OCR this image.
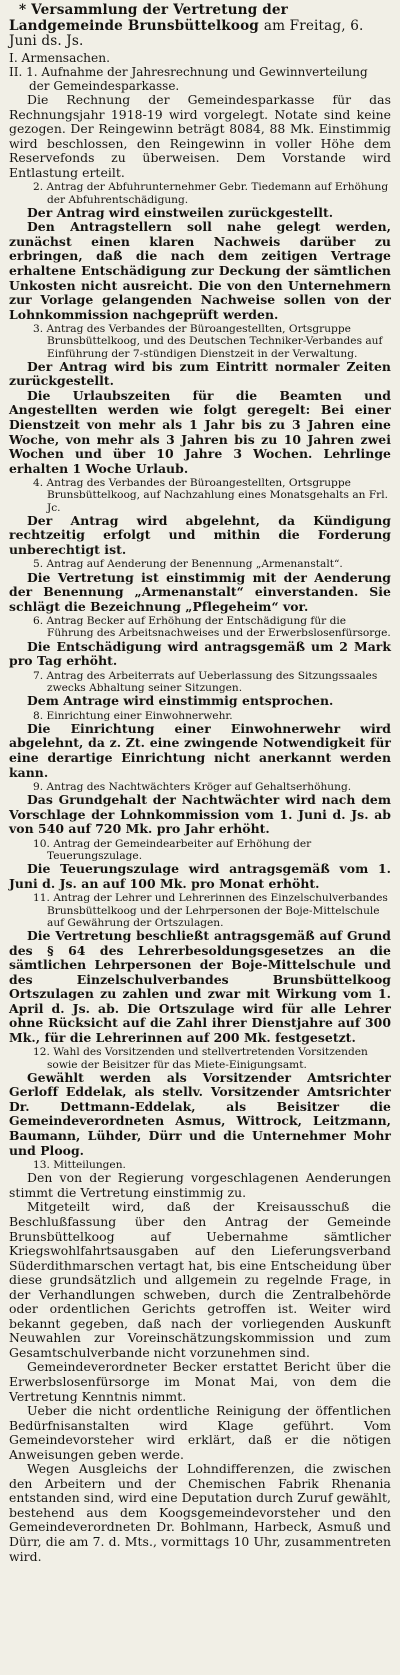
* Versammlung der Vertretung der Landgemeinde Brunsbüttelkoog am Freitag, 6. Juni ds. Js.
I. Armensachen.
II. 1. Aufnahme der Jahresrechnung und Gewinnverteilung der Gemeindesparkasse.
Die Rechnung der Gemeindesparkasse für das Rechnungsjahr 1918-19 wird vorgelegt. Notate sind keine gezogen. Der Reingewinn beträgt 8084, 88 Mk. Einstimmig wird beschlossen, den Reingewinn in voller Höhe dem Reservefonds zu überweisen. Dem Vorstande wird Entlastung erteilt.
2. Antrag der Abfuhrunternehmer Gebr. Tiedemann auf Erhöhung der Abfuhrentschädigung.
Der Antrag wird einstweilen zurückgestellt.
Den Antragstellern soll nahe gelegt werden, zunächst einen klaren Nachweis darüber zu erbringen, daß die nach dem zeitigen Vertrage erhaltene Entschädigung zur Deckung der sämtlichen Unkosten nicht ausreicht. Die von den Unternehmern zur Vorlage gelangenden Nachweise sollen von der Lohnkommission nachgeprüft werden.
3. Antrag des Verbandes der Büroangestellten, Ortsgruppe Brunsbüttelkoog, und des Deutschen Techniker-Verbandes auf Einführung der 7-stündigen Dienstzeit in der Verwaltung.
Der Antrag wird bis zum Eintritt normaler Zeiten zurückgestellt.
Die Urlaubszeiten für die Beamten und Angestellten werden wie folgt geregelt: Bei einer Dienstzeit von mehr als 1 Jahr bis zu 3 Jahren eine Woche, von mehr als 3 Jahren bis zu 10 Jahren zwei Wochen und über 10 Jahre 3 Wochen. Lehrlinge erhalten 1 Woche Urlaub.
4. Antrag des Verbandes der Büroangestellten, Ortsgruppe Brunsbüttelkoog, auf Nachzahlung eines Monatsgehalts an Frl. Jc.
Der Antrag wird abgelehnt, da Kündigung rechtzeitig erfolgt und mithin die Forderung unberechtigt ist.
5. Antrag auf Aenderung der Benennung „Armenanstalt“.
Die Vertretung ist einstimmig mit der Aenderung der Benennung „Armenanstalt“ einverstanden. Sie schlägt die Bezeichnung „Pflegeheim“ vor.
6. Antrag Becker auf Erhöhung der Entschädigung für die Führung des Arbeitsnachweises und der Erwerbslosenfürsorge.
Die Entschädigung wird antragsgemäß um 2 Mark pro Tag erhöht.
7. Antrag des Arbeiterrats auf Ueberlassung des Sitzungssaales zwecks Abhaltung seiner Sitzungen.
Dem Antrage wird einstimmig entsprochen.
8. Einrichtung einer Einwohnerwehr.
Die Einrichtung einer Einwohnerwehr wird abgelehnt, da z. Zt. eine zwingende Notwendigkeit für eine derartige Einrichtung nicht anerkannt werden kann.
9. Antrag des Nachtwächters Kröger auf Gehaltserhöhung.
Das Grundgehalt der Nachtwächter wird nach dem Vorschlage der Lohnkommission vom 1. Juni d. Js. ab von 540 auf 720 Mk. pro Jahr erhöht.
10. Antrag der Gemeindearbeiter auf Erhöhung der Teuerungszulage.
Die Teuerungszulage wird antragsgemäß vom 1. Juni d. Js. an auf 100 Mk. pro Monat erhöht.
11. Antrag der Lehrer und Lehrerinnen des Einzelschulverbandes Brunsbüttelkoog und der Lehrpersonen der Boje-Mittelschule auf Gewährung der Ortszulagen.
Die Vertretung beschließt antragsgemäß auf Grund des § 64 des Lehrerbesoldungsgesetzes an die sämtlichen Lehrpersonen der Boje-Mittelschule und des Einzelschulverbandes Brunsbüttelkoog Ortszulagen zu zahlen und zwar mit Wirkung vom 1. April d. Js. ab. Die Ortszulage wird für alle Lehrer ohne Rücksicht auf die Zahl ihrer Dienstjahre auf 300 Mk., für die Lehrerinnen auf 200 Mk. festgesetzt.
12. Wahl des Vorsitzenden und stellvertretenden Vorsitzenden sowie der Beisitzer für das Miete-Einigungsamt.
Gewählt werden als Vorsitzender Amtsrichter Gerloff Eddelak, als stellv. Vorsitzender Amtsrichter Dr. Dettmann-Eddelak, als Beisitzer die Gemeindeverordneten Asmus, Wittrock, Leitzmann, Baumann, Lühder, Dürr und die Unternehmer Mohr und Ploog.
13. Mitteilungen.
Den von der Regierung vorgeschlagenen Aenderungen stimmt die Vertretung einstimmig zu.
Mitgeteilt wird, daß der Kreisausschuß die Beschlußfassung über den Antrag der Gemeinde Brunsbüttelkoog auf Uebernahme sämtlicher Kriegswohlfahrtsausgaben auf den Lieferungsverband Süderdithmarschen vertagt hat, bis eine Entscheidung über diese grundsätzlich und allgemein zu regelnde Frage, in der Verhandlungen schweben, durch die Zentralbehörde oder ordentlichen Gerichts getroffen ist. Weiter wird bekannt gegeben, daß nach der vorliegenden Auskunft Neuwahlen zur Voreinschätzungskommission und zum Gesamtschulverbande nicht vorzunehmen sind.
Gemeindeverordneter Becker erstattet Bericht über die Erwerbslosenfürsorge im Monat Mai, von dem die Vertretung Kenntnis nimmt.
Ueber die nicht ordentliche Reinigung der öffentlichen Bedürfnisanstalten wird Klage geführt. Vom Gemeindevorsteher wird erklärt, daß er die nötigen Anweisungen geben werde.
Wegen Ausgleichs der Lohndifferenzen, die zwischen den Arbeitern und der Chemischen Fabrik Rhenania entstanden sind, wird eine Deputation durch Zuruf gewählt, bestehend aus dem Koogsgemeindevorsteher und den Gemeindeverordneten Dr. Bohlmann, Harbeck, Asmuß und Dürr, die am 7. d. Mts., vormittags 10 Uhr, zusammentreten wird.
